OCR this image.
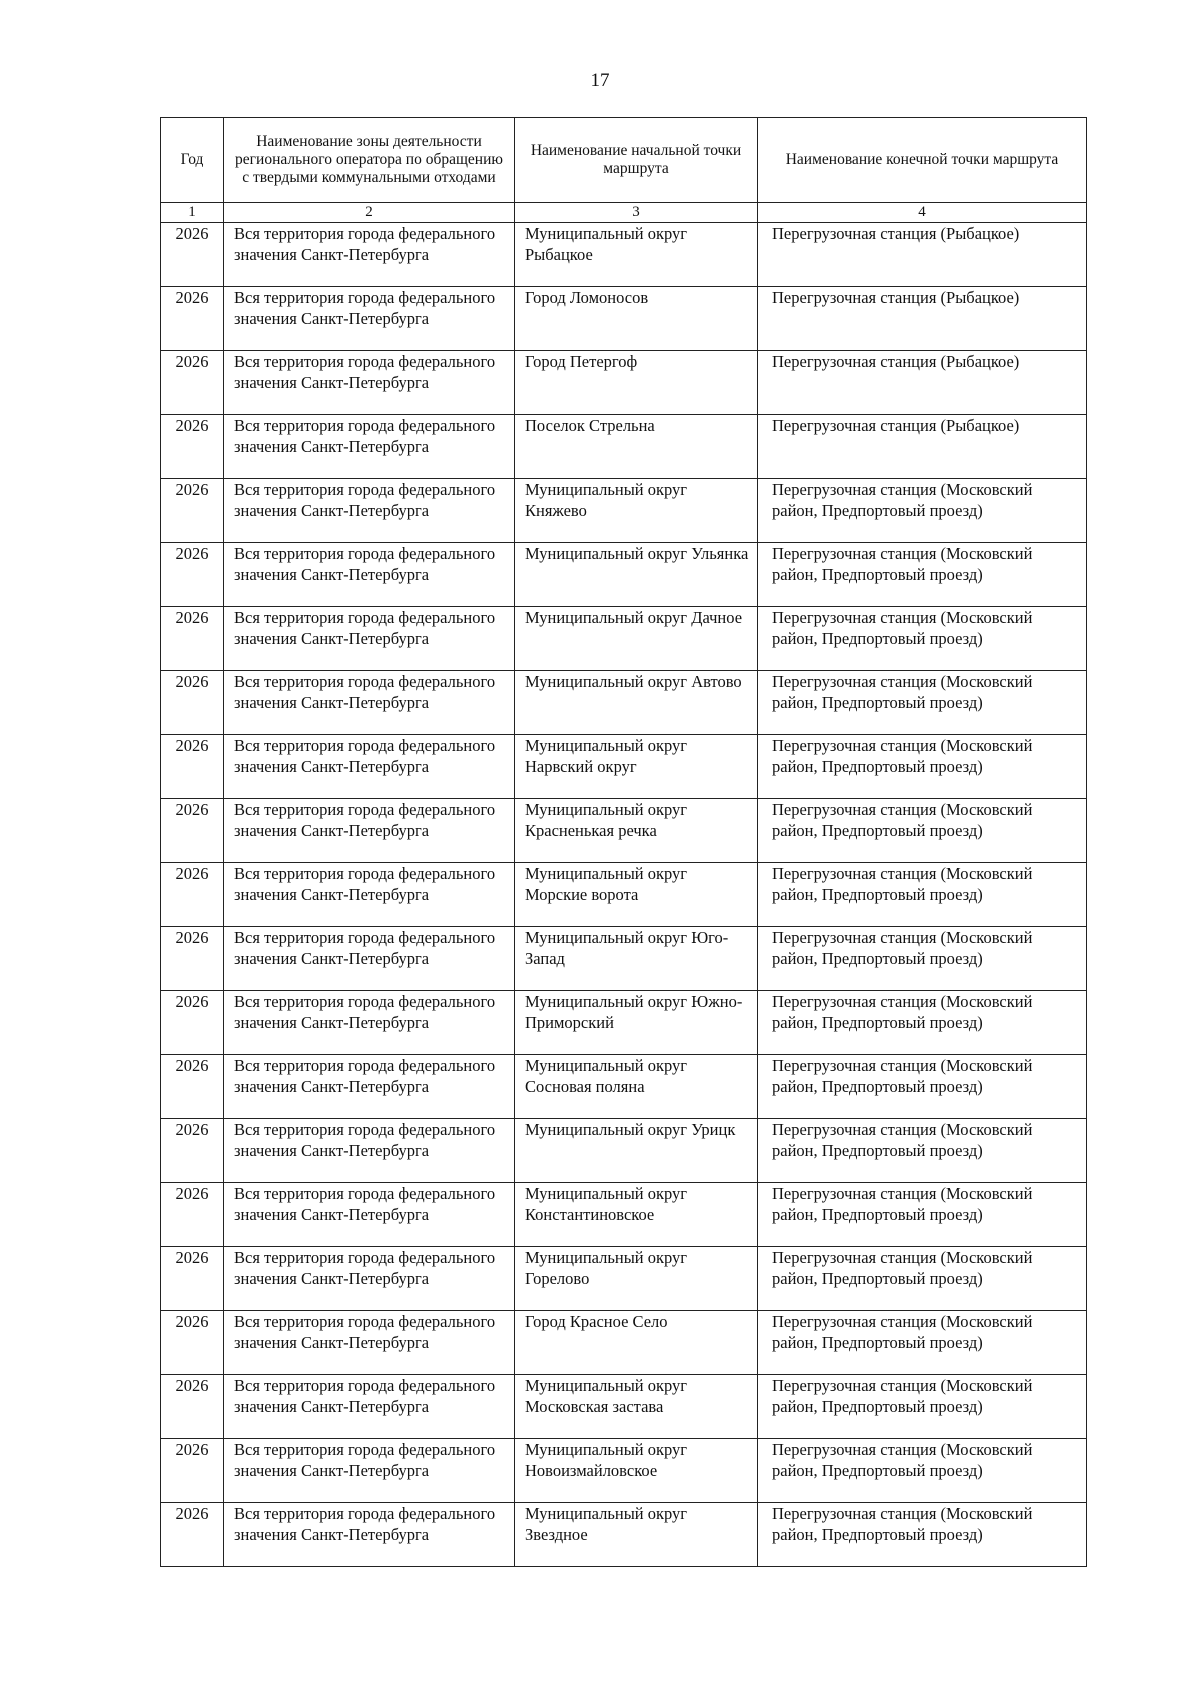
17
Год	Наименование зоны деятельности регионального оператора по обращению с твердыми коммунальными отходами	Наименование начальной точки маршрута	Наименование конечной точки маршрута
1	2	3	4
2026	Вся территория города федерального значения Санкт-Петербурга	Муниципальный округ Рыбацкое	Перегрузочная станция (Рыбацкое)
2026	Вся территория города федерального значения Санкт-Петербурга	Город Ломоносов	Перегрузочная станция (Рыбацкое)
2026	Вся территория города федерального значения Санкт-Петербурга	Город Петергоф	Перегрузочная станция (Рыбацкое)
2026	Вся территория города федерального значения Санкт-Петербурга	Поселок Стрельна	Перегрузочная станция (Рыбацкое)
2026	Вся территория города федерального значения Санкт-Петербурга	Муниципальный округ Княжево	Перегрузочная станция (Московский район, Предпортовый проезд)
2026	Вся территория города федерального значения Санкт-Петербурга	Муниципальный округ Ульянка	Перегрузочная станция (Московский район, Предпортовый проезд)
2026	Вся территория города федерального значения Санкт-Петербурга	Муниципальный округ Дачное	Перегрузочная станция (Московский район, Предпортовый проезд)
2026	Вся территория города федерального значения Санкт-Петербурга	Муниципальный округ Автово	Перегрузочная станция (Московский район, Предпортовый проезд)
2026	Вся территория города федерального значения Санкт-Петербурга	Муниципальный округ Нарвский округ	Перегрузочная станция (Московский район, Предпортовый проезд)
2026	Вся территория города федерального значения Санкт-Петербурга	Муниципальный округ Красненькая речка	Перегрузочная станция (Московский район, Предпортовый проезд)
2026	Вся территория города федерального значения Санкт-Петербурга	Муниципальный округ Морские ворота	Перегрузочная станция (Московский район, Предпортовый проезд)
2026	Вся территория города федерального значения Санкт-Петербурга	Муниципальный округ Юго-Запад	Перегрузочная станция (Московский район, Предпортовый проезд)
2026	Вся территория города федерального значения Санкт-Петербурга	Муниципальный округ Южно-Приморский	Перегрузочная станция (Московский район, Предпортовый проезд)
2026	Вся территория города федерального значения Санкт-Петербурга	Муниципальный округ Сосновая поляна	Перегрузочная станция (Московский район, Предпортовый проезд)
2026	Вся территория города федерального значения Санкт-Петербурга	Муниципальный округ Урицк	Перегрузочная станция (Московский район, Предпортовый проезд)
2026	Вся территория города федерального значения Санкт-Петербурга	Муниципальный округ Константиновское	Перегрузочная станция (Московский район, Предпортовый проезд)
2026	Вся территория города федерального значения Санкт-Петербурга	Муниципальный округ Горелово	Перегрузочная станция (Московский район, Предпортовый проезд)
2026	Вся территория города федерального значения Санкт-Петербурга	Город Красное Село	Перегрузочная станция (Московский район, Предпортовый проезд)
2026	Вся территория города федерального значения Санкт-Петербурга	Муниципальный округ Московская застава	Перегрузочная станция (Московский район, Предпортовый проезд)
2026	Вся территория города федерального значения Санкт-Петербурга	Муниципальный округ Новоизмайловское	Перегрузочная станция (Московский район, Предпортовый проезд)
2026	Вся территория города федерального значения Санкт-Петербурга	Муниципальный округ Звездное	Перегрузочная станция (Московский район, Предпортовый проезд)
